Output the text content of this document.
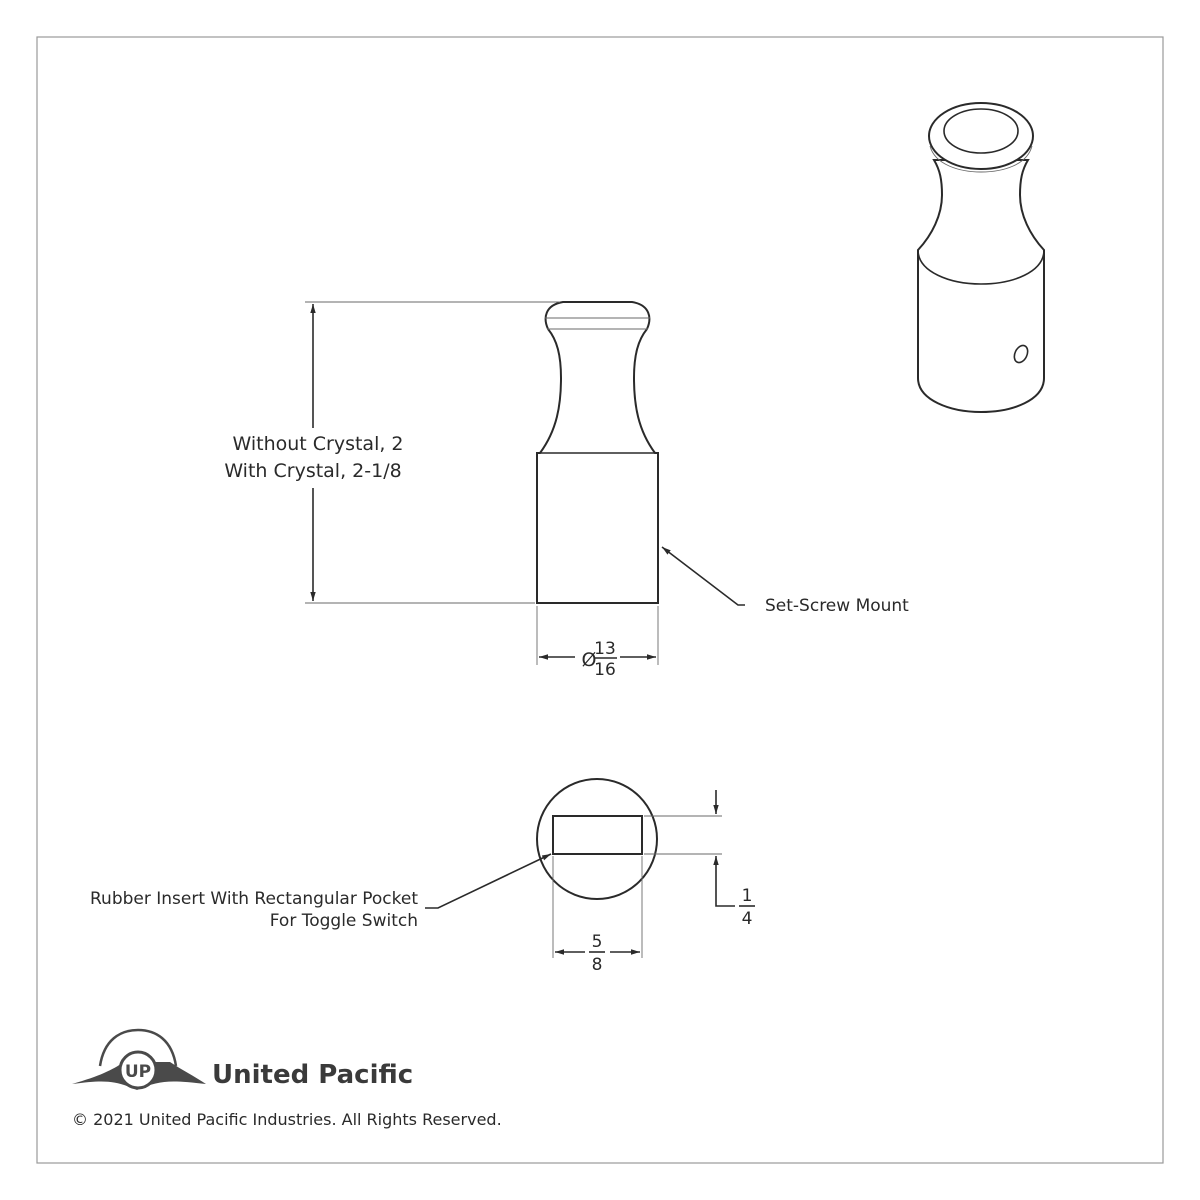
Without Crystal, 2
With Crystal, 2-1/8
Ø
13
16
Set-Screw Mount
1
4
5
8
Rubber Insert With Rectangular Pocket
For Toggle Switch
UP United Pacific
© 2021 United Pacific Industries. All Rights Reserved.
